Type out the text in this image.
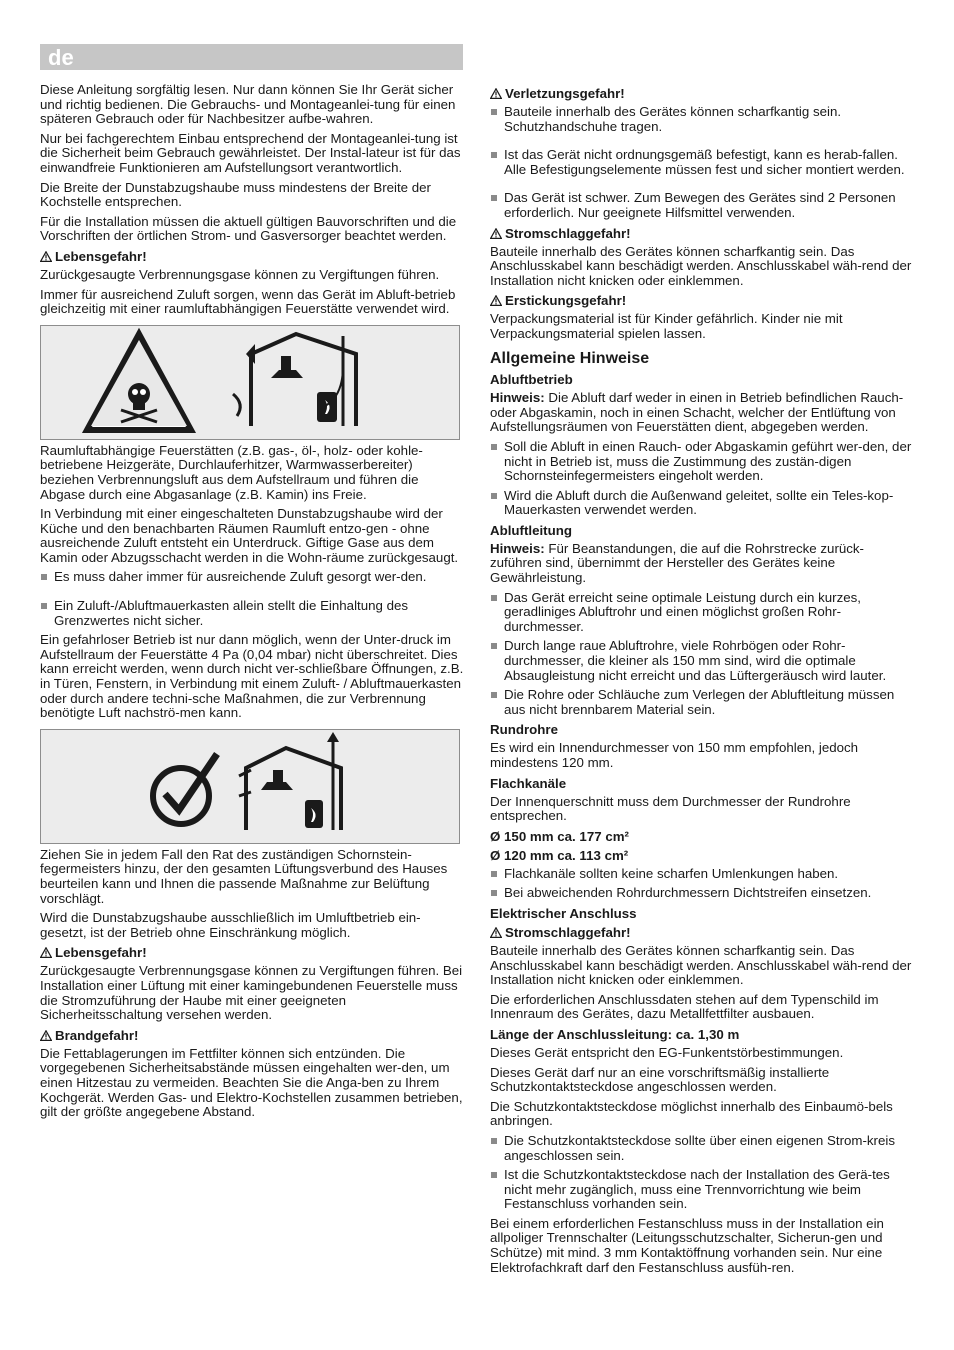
de

Diese Anleitung sorgfältig lesen. Nur dann können Sie Ihr Gerät sicher und richtig bedienen. Die Gebrauchs- und Montageanlei-tung für einen späteren Gebrauch oder für Nachbesitzer aufbe-wahren.

Nur bei fachgerechtem Einbau entsprechend der Montageanlei-tung ist die Sicherheit beim Gebrauch gewährleistet. Der Instal-lateur ist für das einwandfreie Funktionieren am Aufstellungsort verantwortlich.

Die Breite der Dunstabzugshaube muss mindestens der Breite der Kochstelle entsprechen.

Für die Installation müssen die aktuell gültigen Bauvorschriften und die Vorschriften der örtlichen Strom- und Gasversorger beachtet werden.

Lebensgefahr!

Zurückgesaugte Verbrennungsgase können zu Vergiftungen führen.

Immer für ausreichend Zuluft sorgen, wenn das Gerät im Abluft-betrieb gleichzeitig mit einer raumluftabhängigen Feuerstätte verwendet wird.

Raumluftabhängige Feuerstätten (z.B. gas-, öl-, holz- oder kohle-betriebene Heizgeräte, Durchlauferhitzer, Warmwasserbereiter) beziehen Verbrennungsluft aus dem Aufstellraum und führen die Abgase durch eine Abgasanlage (z.B. Kamin) ins Freie.

In Verbindung mit einer eingeschalteten Dunstabzugshaube wird der Küche und den benachbarten Räumen Raumluft entzo-gen - ohne ausreichende Zuluft entsteht ein Unterdruck. Giftige Gase aus dem Kamin oder Abzugsschacht werden in die Wohn-räume zurückgesaugt.

Es muss daher immer für ausreichende Zuluft gesorgt wer-den.
Ein Zuluft-/Abluftmauerkasten allein stellt die Einhaltung des Grenzwertes nicht sicher.

Ein gefahrloser Betrieb ist nur dann möglich, wenn der Unter-druck im Aufstellraum der Feuerstätte 4 Pa (0,04 mbar) nicht überschreitet. Dies kann erreicht werden, wenn durch nicht ver-schließbare Öffnungen, z.B. in Türen, Fenstern, in Verbindung mit einem Zuluft- / Abluftmauerkasten oder durch andere techni-sche Maßnahmen, die zur Verbrennung benötigte Luft nachströ-men kann.

Ziehen Sie in jedem Fall den Rat des zuständigen Schornstein-fegermeisters hinzu, der den gesamten Lüftungsverbund des Hauses beurteilen kann und Ihnen die passende Maßnahme zur Belüftung vorschlägt.

Wird die Dunstabzugshaube ausschließlich im Umluftbetrieb ein-gesetzt, ist der Betrieb ohne Einschränkung möglich.

Lebensgefahr!

Zurückgesaugte Verbrennungsgase können zu Vergiftungen führen. Bei Installation einer Lüftung mit einer kamingebundenen Feuerstelle muss die Stromzuführung der Haube mit einer geeigneten Sicherheitsschaltung versehen werden.

Brandgefahr!

Die Fettablagerungen im Fettfilter können sich entzünden. Die vorgegebenen Sicherheitsabstände müssen eingehalten wer-den, um einen Hitzestau zu vermeiden. Beachten Sie die Anga-ben zu Ihrem Kochgerät. Werden Gas- und Elektro-Kochstellen zusammen betrieben, gilt der größte angegebene Abstand.

Verletzungsgefahr!
Bauteile innerhalb des Gerätes können scharfkantig sein. Schutzhandschuhe tragen.
Ist das Gerät nicht ordnungsgemäß befestigt, kann es herab-fallen. Alle Befestigungselemente müssen fest und sicher montiert werden.
Das Gerät ist schwer. Zum Bewegen des Gerätes sind 2 Personen erforderlich. Nur geeignete Hilfsmittel verwenden.
Stromschlaggefahr!

Bauteile innerhalb des Gerätes können scharfkantig sein. Das Anschlusskabel kann beschädigt werden. Anschlusskabel wäh-rend der Installation nicht knicken oder einklemmen.

Erstickungsgefahr!

Verpackungsmaterial ist für Kinder gefährlich. Kinder nie mit Verpackungsmaterial spielen lassen.

Allgemeine Hinweise
Abluftbetrieb

Hinweis: Die Abluft darf weder in einen in Betrieb befindlichen Rauch- oder Abgaskamin, noch in einen Schacht, welcher der Entlüftung von Aufstellungsräumen von Feuerstätten dient, abgegeben werden.

Soll die Abluft in einen Rauch- oder Abgaskamin geführt wer-den, der nicht in Betrieb ist, muss die Zustimmung des zustän-digen Schornsteinfegermeisters eingeholt werden.
Wird die Abluft durch die Außenwand geleitet, sollte ein Teles-kop-Mauerkasten verwendet werden.
Abluftleitung

Hinweis: Für Beanstandungen, die auf die Rohrstrecke zurück-zuführen sind, übernimmt der Hersteller des Gerätes keine Gewährleistung.

Das Gerät erreicht seine optimale Leistung durch ein kurzes, geradliniges Abluftrohr und einen möglichst großen Rohr-durchmesser.
Durch lange raue Abluftrohre, viele Rohrbögen oder Rohr-durchmesser, die kleiner als 150 mm sind, wird die optimale Absaugleistung nicht erreicht und das Lüftergeräusch wird lauter.
Die Rohre oder Schläuche zum Verlegen der Abluftleitung müssen aus nicht brennbarem Material sein.
Rundrohre

Es wird ein Innendurchmesser von 150 mm empfohlen, jedoch mindestens 120 mm.

Flachkanäle

Der Innenquerschnitt muss dem Durchmesser der Rundrohre entsprechen.

Ø 150 mm ca. 177 cm²
Ø 120 mm ca. 113 cm²
Flachkanäle sollten keine scharfen Umlenkungen haben.
Bei abweichenden Rohrdurchmessern Dichtstreifen einsetzen.
Elektrischer Anschluss
Stromschlaggefahr!

Bauteile innerhalb des Gerätes können scharfkantig sein. Das Anschlusskabel kann beschädigt werden. Anschlusskabel wäh-rend der Installation nicht knicken oder einklemmen.

Die erforderlichen Anschlussdaten stehen auf dem Typenschild im Innenraum des Gerätes, dazu Metallfettfilter ausbauen.

Länge der Anschlussleitung: ca. 1,30 m

Dieses Gerät entspricht den EG-Funkentstörbestimmungen.

Dieses Gerät darf nur an eine vorschriftsmäßig installierte Schutzkontaktsteckdose angeschlossen werden.

Die Schutzkontaktsteckdose möglichst innerhalb des Einbaumö-bels anbringen.

Die Schutzkontaktsteckdose sollte über einen eigenen Strom-kreis angeschlossen sein.
Ist die Schutzkontaktsteckdose nach der Installation des Gerä-tes nicht mehr zugänglich, muss eine Trennvorrichtung wie beim Festanschluss vorhanden sein.

Bei einem erforderlichen Festanschluss muss in der Installation ein allpoliger Trennschalter (Leitungsschutzschalter, Sicherun-gen und Schütze) mit mind. 3 mm Kontaktöffnung vorhanden sein. Nur eine Elektrofachkraft darf den Festanschluss ausfüh-ren.
